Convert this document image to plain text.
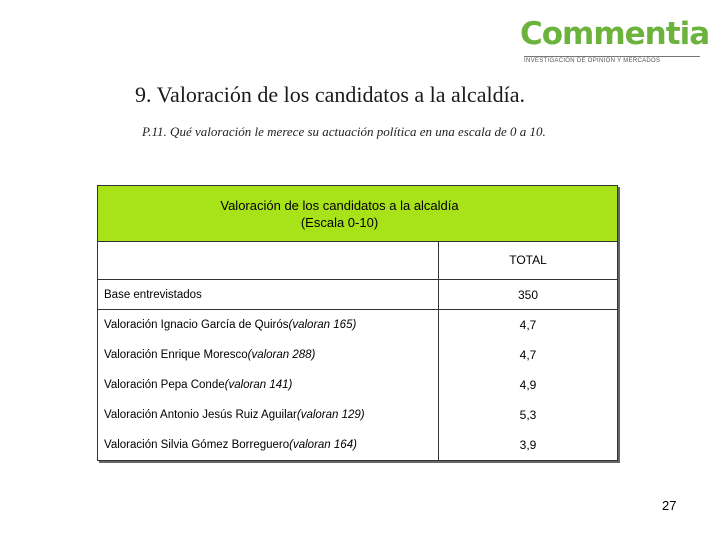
Commentia
INVESTIGACIÓN DE OPINIÓN Y MERCADOS
9. Valoración de los candidatos a la alcaldía.
P.11. Qué valoración le merece su actuación política en una escala de 0 a 10.
Valoración de los candidatos a la alcaldía
(Escala 0-10)
TOTAL
Base entrevistados	350
Valoración Ignacio García de Quirós (valoran 165)	4,7
Valoración Enrique Moresco (valoran 288)	4,7
Valoración Pepa Conde (valoran 141)	4,9
Valoración Antonio Jesús Ruiz Aguilar (valoran 129)	5,3
Valoración Silvia Gómez Borreguero (valoran 164)	3,9
27
